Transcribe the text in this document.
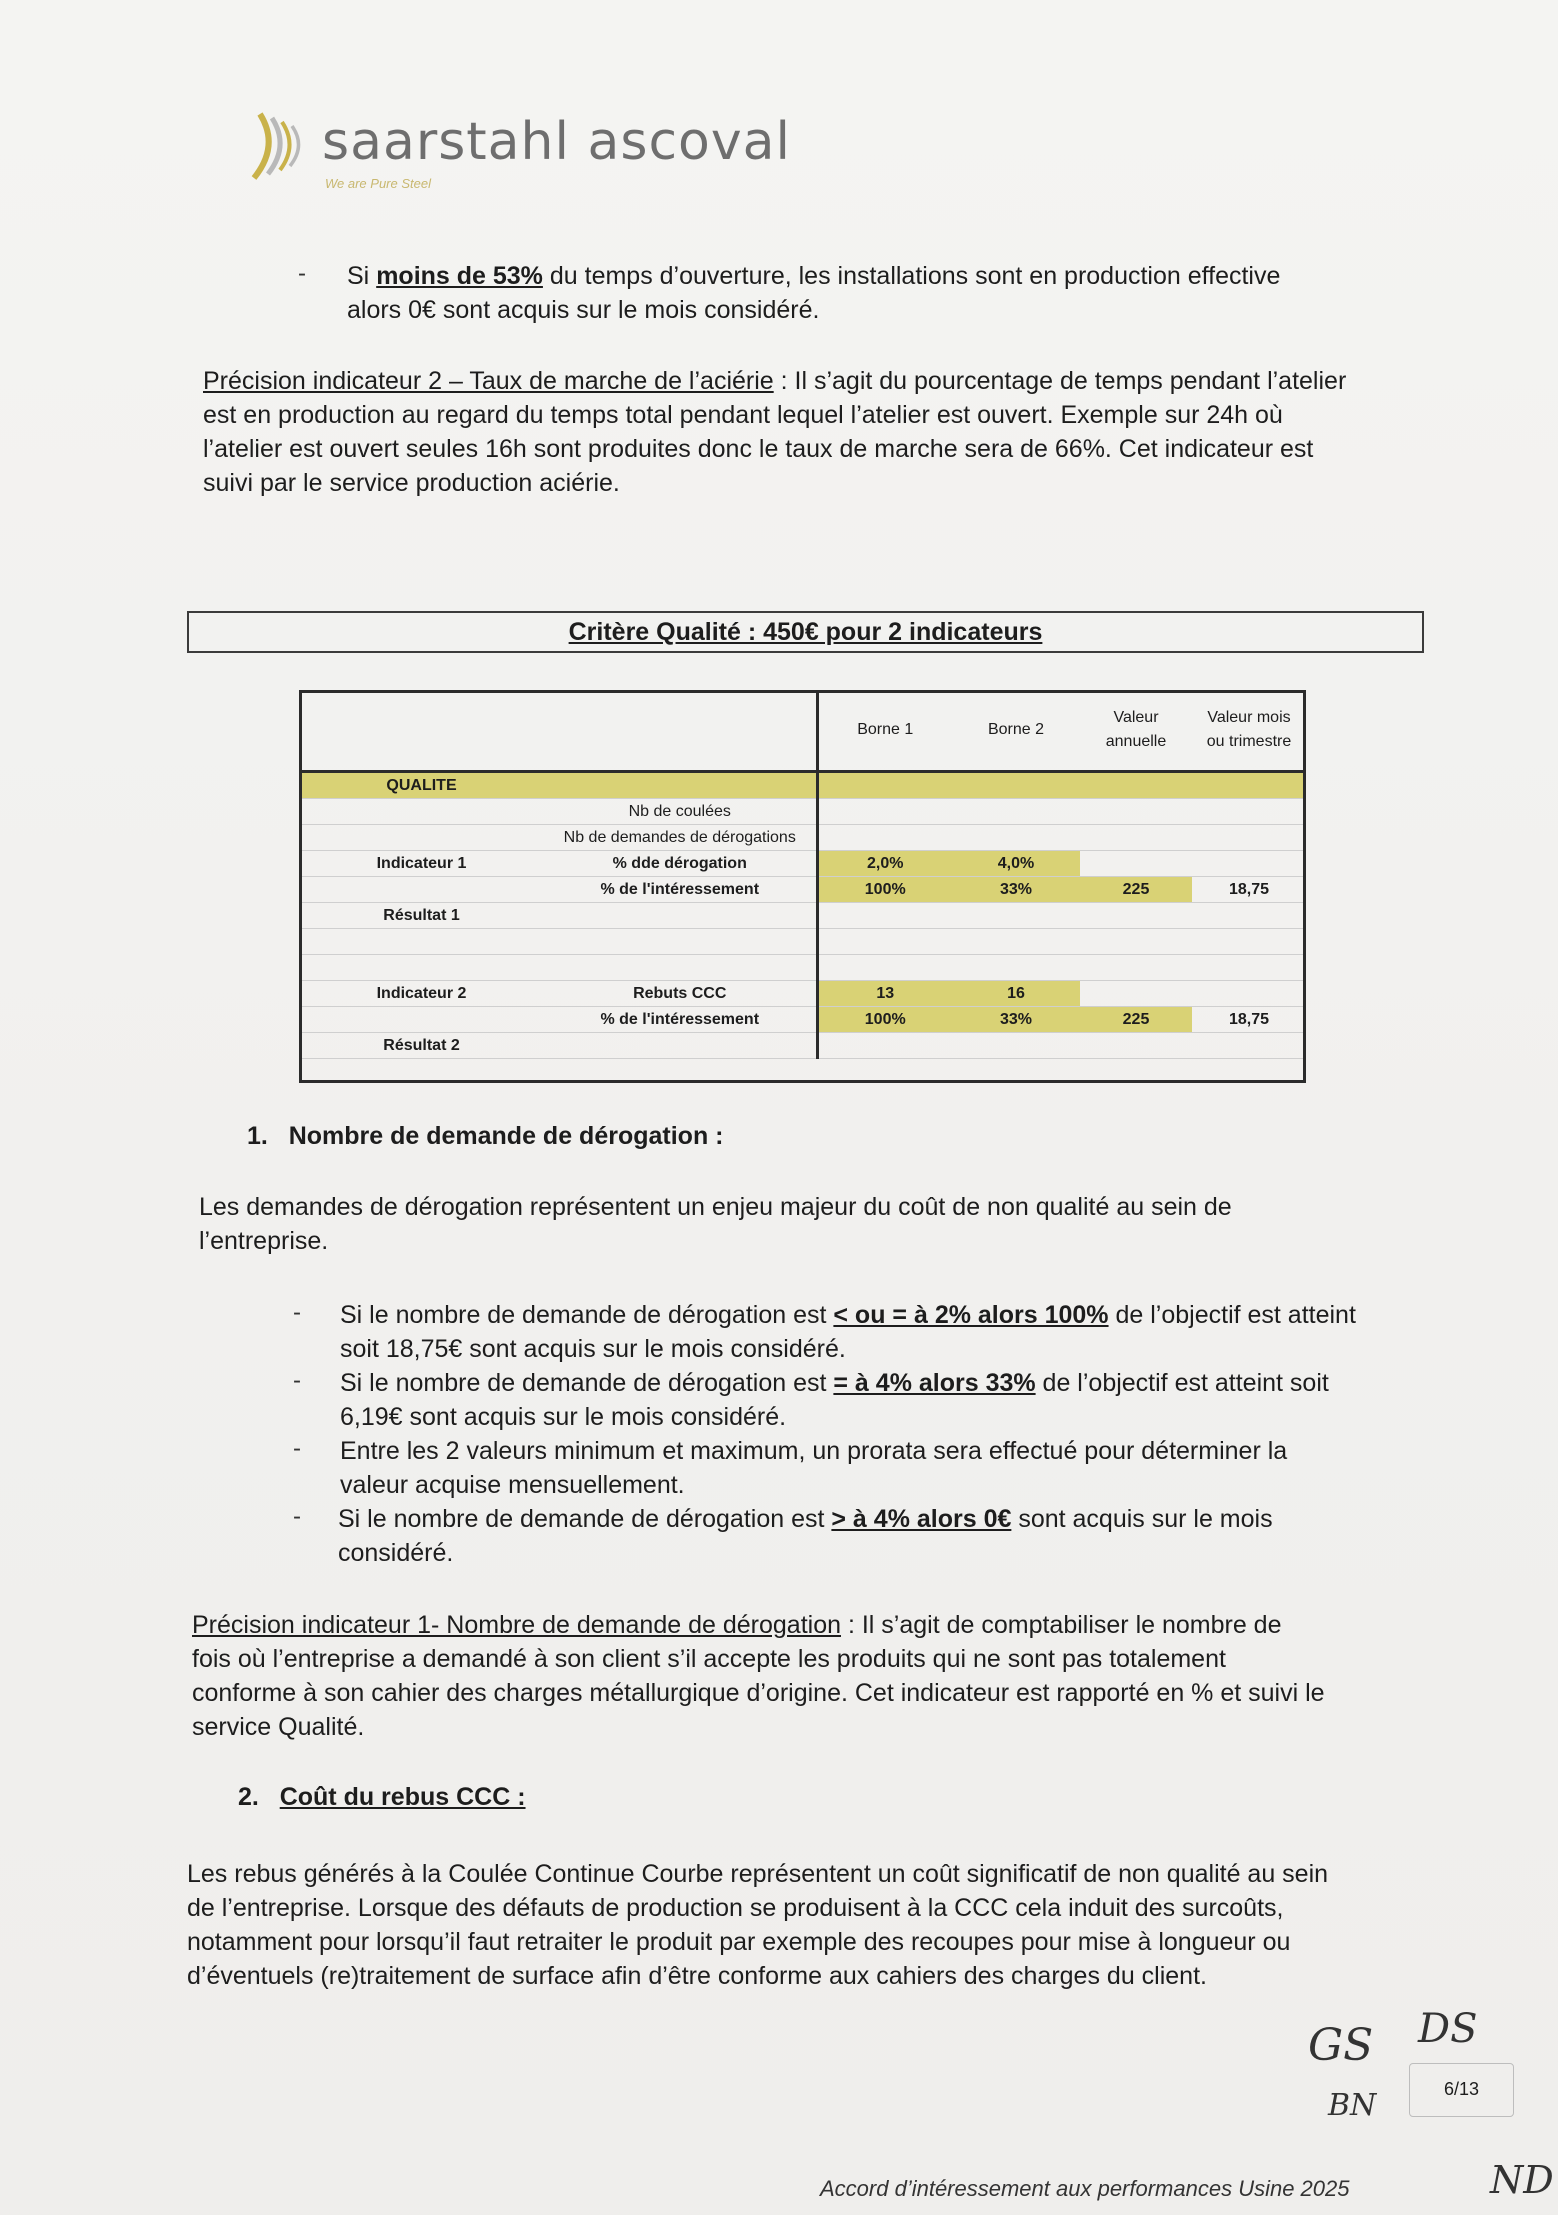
saarstahl ascoval
We are Pure Steel
- Si moins de 53% du temps d’ouverture, les installations sont en production effective
alors 0€ sont acquis sur le mois considéré.
Précision indicateur 2 – Taux de marche de l’aciérie : Il s’agit du pourcentage de temps pendant l’atelier
est en production au regard du temps total pendant lequel l’atelier est ouvert. Exemple sur 24h où
l’atelier est ouvert seules 16h sont produites donc le taux de marche sera de 66%. Cet indicateur est
suivi par le service production aciérie.
Critère Qualité : 450€ pour 2 indicateurs
		Borne 1	Borne 2	Valeur
annuelle	Valeur mois
ou trimestre
QUALITE					
	Nb de coulées				
	Nb de demandes de dérogations				
Indicateur 1	% dde dérogation	2,0%	4,0%		
	% de l'intéressement	100%	33%	225	18,75
Résultat 1					

Indicateur 2	Rebuts CCC	13	16		
	% de l'intéressement	100%	33%	225	18,75
Résultat 2					
1. Nombre de demande de dérogation :
Les demandes de dérogation représentent un enjeu majeur du coût de non qualité au sein de
l’entreprise.
- Si le nombre de demande de dérogation est < ou = à 2% alors 100% de l’objectif est atteint
soit 18,75€ sont acquis sur le mois considéré.
- Si le nombre de demande de dérogation est = à 4% alors 33% de l’objectif est atteint soit
6,19€ sont acquis sur le mois considéré.
- Entre les 2 valeurs minimum et maximum, un prorata sera effectué pour déterminer la
valeur acquise mensuellement.
- Si le nombre de demande de dérogation est > à 4% alors 0€ sont acquis sur le mois
considéré.
Précision indicateur 1- Nombre de demande de dérogation : Il s’agit de comptabiliser le nombre de
fois où l’entreprise a demandé à son client s’il accepte les produits qui ne sont pas totalement
conforme à son cahier des charges métallurgique d’origine. Cet indicateur est rapporté en % et suivi le
service Qualité.
2. Coût du rebus CCC :
Les rebus générés à la Coulée Continue Courbe représentent un coût significatif de non qualité au sein
de l’entreprise. Lorsque des défauts de production se produisent à la CCC cela induit des surcoûts,
notamment pour lorsqu’il faut retraiter le produit par exemple des recoupes pour mise à longueur ou
d’éventuels (re)traitement de surface afin d’être conforme aux cahiers des charges du client.
GS DS
BN
ND
6/13
Accord d’intéressement aux performances Usine 2025
